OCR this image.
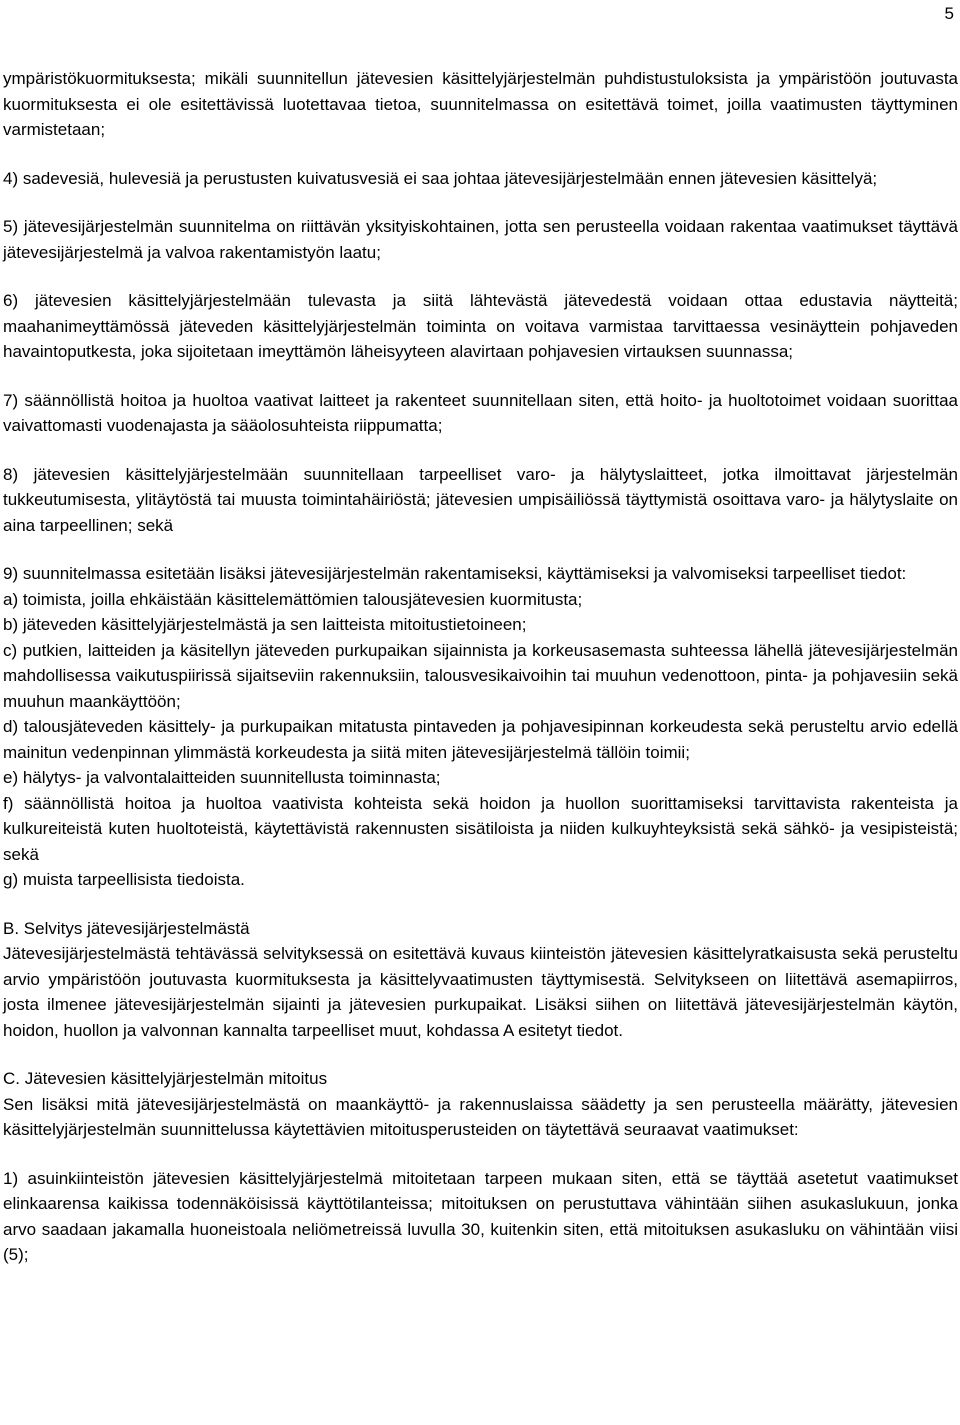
5

ympäristökuormituksesta; mikäli suunnitellun jätevesien käsittelyjärjestelmän puhdistustuloksista ja ympäristöön joutuvasta kuormituksesta ei ole esitettävissä luotettavaa tietoa, suunnitelmassa on esitettävä toimet, joilla vaatimusten täyttyminen varmistetaan;

4) sadevesiä, hulevesiä ja perustusten kuivatusvesiä ei saa johtaa jätevesijärjestelmään ennen jätevesien käsittelyä;

5) jätevesijärjestelmän suunnitelma on riittävän yksityiskohtainen, jotta sen perusteella voidaan rakentaa vaatimukset täyttävä jätevesijärjestelmä ja valvoa rakentamistyön laatu;

6) jätevesien käsittelyjärjestelmään tulevasta ja siitä lähtevästä jätevedestä voidaan ottaa edustavia näytteitä; maahanimeyttämössä jäteveden käsittelyjärjestelmän toiminta on voitava varmistaa tarvittaessa vesinäyttein pohjaveden havaintoputkesta, joka sijoitetaan imeyttämön läheisyyteen alavirtaan pohjavesien virtauksen suunnassa;

7) säännöllistä hoitoa ja huoltoa vaativat laitteet ja rakenteet suunnitellaan siten, että hoito- ja huoltotoimet voidaan suorittaa vaivattomasti vuodenajasta ja sääolosuhteista riippumatta;

8) jätevesien käsittelyjärjestelmään suunnitellaan tarpeelliset varo- ja hälytyslaitteet, jotka ilmoittavat järjestelmän tukkeutumisesta, ylitäytöstä tai muusta toimintahäiriöstä; jätevesien umpisäiliössä täyttymistä osoittava varo- ja hälytyslaite on aina tarpeellinen; sekä

9) suunnitelmassa esitetään lisäksi jätevesijärjestelmän rakentamiseksi, käyttämiseksi ja valvomiseksi tarpeelliset tiedot:

a) toimista, joilla ehkäistään käsittelemättömien talousjätevesien kuormitusta;

b) jäteveden käsittelyjärjestelmästä ja sen laitteista mitoitustietoineen;

c) putkien, laitteiden ja käsitellyn jäteveden purkupaikan sijainnista ja korkeusasemasta suhteessa lähellä jätevesijärjestelmän mahdollisessa vaikutuspiirissä sijaitseviin rakennuksiin, talousvesikaivoihin tai muuhun vedenottoon, pinta- ja pohjavesiin sekä muuhun maankäyttöön;

d) talousjäteveden käsittely- ja purkupaikan mitatusta pintaveden ja pohjavesipinnan korkeudesta sekä perusteltu arvio edellä mainitun vedenpinnan ylimmästä korkeudesta ja siitä miten jätevesijärjestelmä tällöin toimii;

e) hälytys- ja valvontalaitteiden suunnitellusta toiminnasta;

f) säännöllistä hoitoa ja huoltoa vaativista kohteista sekä hoidon ja huollon suorittamiseksi tarvittavista rakenteista ja kulkureiteistä kuten huoltoteistä, käytettävistä rakennusten sisätiloista ja niiden kulkuyhteyksistä sekä sähkö- ja vesipisteistä; sekä

g) muista tarpeellisista tiedoista.

B. Selvitys jätevesijärjestelmästä

Jätevesijärjestelmästä tehtävässä selvityksessä on esitettävä kuvaus kiinteistön jätevesien käsittelyratkaisusta sekä perusteltu arvio ympäristöön joutuvasta kuormituksesta ja käsittelyvaatimusten täyttymisestä. Selvitykseen on liitettävä asemapiirros, josta ilmenee jätevesijärjestelmän sijainti ja jätevesien purkupaikat. Lisäksi siihen on liitettävä jätevesijärjestelmän käytön, hoidon, huollon ja valvonnan kannalta tarpeelliset muut, kohdassa A esitetyt tiedot.

C. Jätevesien käsittelyjärjestelmän mitoitus

Sen lisäksi mitä jätevesijärjestelmästä on maankäyttö- ja rakennuslaissa säädetty ja sen perusteella määrätty, jätevesien käsittelyjärjestelmän suunnittelussa käytettävien mitoitusperusteiden on täytettävä seuraavat vaatimukset:

1) asuinkiinteistön jätevesien käsittelyjärjestelmä mitoitetaan tarpeen mukaan siten, että se täyttää asetetut vaatimukset elinkaarensa kaikissa todennäköisissä käyttötilanteissa; mitoituksen on perustuttava vähintään siihen asukaslukuun, jonka arvo saadaan jakamalla huoneistoala neliömetreissä luvulla 30, kuitenkin siten, että mitoituksen asukasluku on vähintään viisi (5);
